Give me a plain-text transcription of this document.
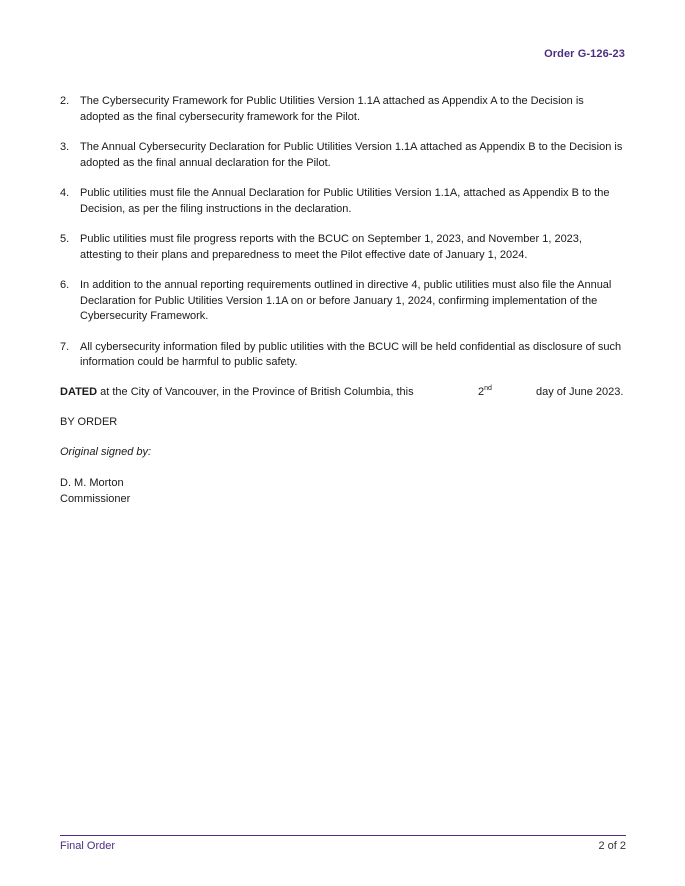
Order G-126-23
2. The Cybersecurity Framework for Public Utilities Version 1.1A attached as Appendix A to the Decision is adopted as the final cybersecurity framework for the Pilot.
3. The Annual Cybersecurity Declaration for Public Utilities Version 1.1A attached as Appendix B to the Decision is adopted as the final annual declaration for the Pilot.
4. Public utilities must file the Annual Declaration for Public Utilities Version 1.1A, attached as Appendix B to the Decision, as per the filing instructions in the declaration.
5. Public utilities must file progress reports with the BCUC on September 1, 2023, and November 1, 2023, attesting to their plans and preparedness to meet the Pilot effective date of January 1, 2024.
6. In addition to the annual reporting requirements outlined in directive 4, public utilities must also file the Annual Declaration for Public Utilities Version 1.1A on or before January 1, 2024, confirming implementation of the Cybersecurity Framework.
7. All cybersecurity information filed by public utilities with the BCUC will be held confidential as disclosure of such information could be harmful to public safety.
DATED at the City of Vancouver, in the Province of British Columbia, this	2nd	day of June 2023.
BY ORDER
Original signed by:
D. M. Morton
Commissioner
Final Order	2 of 2
